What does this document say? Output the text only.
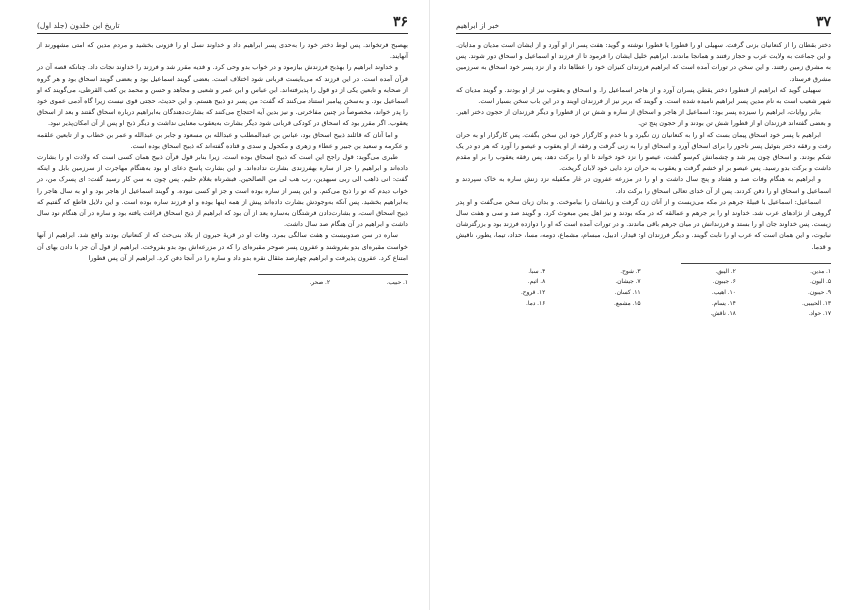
۳۷
خبر از ابراهیم

دختر بقطان را از کنعانیان بزنی گرفت. سهیلی او را قطورا یا قطورا نوشته و گوید: هفت پسر از او آورد و از ایشان است مدیان و مدایان. و این جماعت به ولایت عرب و حجاز رفتند و همانجا ماندند. ابراهیم خلیل ایشان را فرمود تا از فرزند او اسماعیل و اسحاق دور شوند. پس به مشرق زمین رفتند. و این سخن در تورات آمده است که ابراهیم فرزندان کنیزان خود را عطاها داد و از نزد پسر خود اسحاق به سرزمین مشرق فرستاد.

سهیلی گوید که ابراهیم از قنطورا دختر یقطن پسران آورد و از هاجر اسماعیل را. و اسحاق و یعقوب نیز از او بودند. و گویند مدیان که شهر شعیب است به نام مدین پسر ابراهیم نامیده شده است. و گویند که بربر نیز از فرزندان اویند و در این باب سخن بسیار است.

بنابر روایات، ابراهیم را سیزده پسر بود: اسماعیل از هاجر و اسحاق از ساره و شش تن از قطورا و دیگر فرزندان از حجون دختر اهیر. و بعضی گفته‌اند فرزندان او از قطورا شش تن بودند و از حجون پنج تن.

ابراهیم با پسر خود اسحاق پیمان بست که او را به کنعانیان زن نگیرد و با خدم و کارگزار خود این سخن بگفت. پس کارگزار او به حران رفت و رفقه دختر بتوئیل پسر ناحور را برای اسحاق آورد و اسحاق او را به زنی گرفت و رفقه از او یعقوب و عیصو را آورد که هر دو در یک شکم بودند. و اسحاق چون پیر شد و چشمانش کم‌سو گشت، عیصو را نزد خود خواند تا او را برکت دهد، پس رفقه یعقوب را بر او مقدم داشت و برکت بدو رسید. پس عیصو بر او خشم گرفت و یعقوب به حران نزد دایی خود لابان گریخت.

و ابراهیم به هنگام وفات صد و هفتاد و پنج سال داشت و او را در مزرعه عفرون در غار مکفیله نزد زنش ساره به خاک سپردند و اسماعیل و اسحاق او را دفن کردند. پس از آن خدای تعالی اسحاق را برکت داد.

اسماعیل: اسماعیل با قبیلهٔ جرهم در مکه می‌زیست و از آنان زن گرفت و زبانشان را بیاموخت. و بدان زبان سخن می‌گفت و او پدر گروهی از نژادهای عرب شد. خداوند او را بر جرهم و عمالقه که در مکه بودند و نیز اهل یمن مبعوث کرد. و گویند صد و سی و هفت سال زیست. پس خداوند جان او را بستد و فرزندانش در میان جرهم باقی ماندند. و در تورات آمده است که او را دوازده فرزند بود و بزرگترشان نبایوت، و این همان است که عرب او را نابت گویند. و دیگر فرزندان او: قیدار، ادبیل، مبسام، مشماع، دومه، مسا، حداد، تیما، یطور، نافیش و قدما.

۱. مدین.
۲. الیبق.
۳. شوح.
۴. سبا.
۵. الیون.
۶. جیبون.
۷. جیشان.
۸. اثیم.
۹. حیبون.
۱۰. اهیب.
۱۱. کسان.
۱۲. قروح.
۱۳. الحیبیی.
۱۴. یسام.
۱۵. مشمع.
۱۶. دما.
۱۷. حواد.
۱۸. ناقش.
۳۶
تاریخ ابن خلدون (جلد اول)

بهصبح فرتخواند. پس لوط دختر خود را به‌حدی پسر ابراهیم داد و خداوند نسل او را فزونی بخشید و مردم مدین که امتی مشهورند از آنهایند.

و خداوند ابراهیم را بهذبح فرزندش بیازمود و در خواب بدو وحی کرد. و فدیه مقرر شد و فرزند را خداوند نجات داد. چنانکه قصه آن در قرآن آمده است. در این فرزند که می‌بایست قربانی شود اختلاف است. بعضی گویند اسماعیل بود و بعضی گویند اسحاق بود و هر گروه از صحابه و تابعین یکی از دو قول را پذیرفته‌اند. ابن عباس و ابن عمر و شعبی و مجاهد و حسن و محمد بن کعب القرظی، می‌گویند که او اسماعیل بود. و به‌سخن پیامبر استناد می‌کنند که گفت: من پسر دو ذبیح هستم. و این حدیث، حجتی قوی نیست زیرا گاه آدمی عموی خود را پدر خواند، مخصوصاً در چنین مفاخرتی. و نیز بدین آیه احتجاج می‌کنند که بشارت‌دهندگان به‌ابراهیم درباره اسحاق گفتند و بعد از اسحاق یعقوب. اگر مقرر بود که اسحاق در کودکی قربانی شود دیگر بشارت به‌یعقوب معنایی نداشت و دیگر ذبح او پس از آن امکان‌پذیر نبود.

و اما آنان که قائلند ذبیح اسحاق بود، عباس بن عبدالمطلب و عبدالله بن مسعود و جابر بن عبدالله و عمر بن خطاب و از تابعین علقمه و عکرمه و سعید بن جبیر و عطاء و زهری و مکحول و سدی و قتاده گفته‌اند که ذبیح اسحاق بوده است.

طبری می‌گوید: قول راجح این است که ذبیح اسحاق بوده است. زیرا بنابر قول قرآن ذبیح همان کسی است که ولادت او را بشارت داده‌اند و ابراهیم را جز از ساره بهفرزندی بشارت نداده‌اند. و این بشارت پاسخ دعای او بود به‌هنگام مهاجرت از سرزمین بابل و اینکه گفت: انی ذاهب الی ربی سیهدین، رب هب لی من الصالحین. فبشرناه بغلام حلیم. پس چون به سن کار رسید گفت: ای پسرک من، در خواب دیدم که تو را ذبح می‌کنم. و این پسر از ساره بوده است و جز او کسی نبوده. و گویند اسماعیل از هاجر بود و او به سال هاجر را به‌ابراهیم بخشید. پس آنکه به‌وجودش بشارت داده‌اند پیش از همه اینها بوده و او فرزند ساره بوده است. و این دلایل قاطع که گفتیم که ذبیح اسحاق است، و بشارت‌دادن فرشتگان به‌ساره بعد از آن بود که ابراهیم از ذبح اسحاق فراغت یافته بود و ساره در آن هنگام نود سال داشت و ابراهیم در آن هنگام صد سال داشت.

ساره در سن صدوبیست و هفت سالگی بمرد. وفات او در قریهٔ حبرون از بلاد بنی‌حث که از کنعانیان بودند واقع شد. ابراهیم از آنها خواست مقبره‌ای بدو بفروشند و عفرون پسر صوحر مقبره‌ای را که در مزرعه‌اش بود بدو بفروخت. ابراهیم از قول آن جز با دادن بهای آن امتناع کرد. عفرون پذیرفت و ابراهیم چهارصد مثقال نقره بدو داد و ساره را در آنجا دفن کرد. ابراهیم از آن پس قطورا

۱. حبیب.
۲. صحر.
